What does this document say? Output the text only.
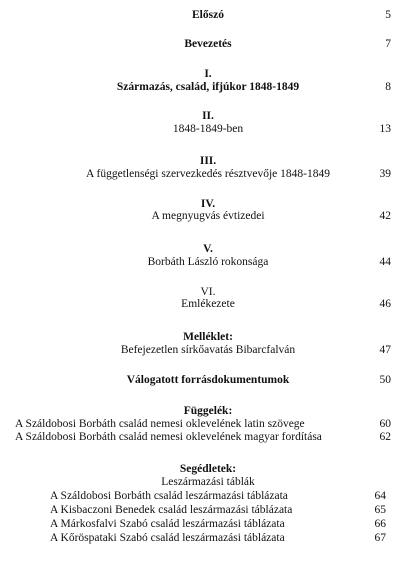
Előszó	5
Bevezetés	7
I.
Származás, család, ifjúkor 1848-1849	8
II.
1848-1849-ben	13
III.
A függetlenségi szervezkedés résztvevője 1848-1849	39
IV.
A megnyugvás évtizedei	42
V.
Borbáth László rokonsága	44
VI.
Emlékezete	46
Melléklet:
Befejezetlen sírkőavatás Bibarcfalván	47
Válogatott forrásdokumentumok	50
Függelék:
A Száldobosi Borbáth család nemesi oklevelének latin szövege	60
A Száldobosi Borbáth család nemesi oklevelének magyar fordítása	62
Segédletek:
Leszármazási táblák
A Száldobosi Borbáth család leszármazási táblázata	64
A Kisbaczoni Benedek család leszármazási táblázata	65
A Márkosfalvi Szabó család leszármazási táblázata	66
A Kőröspataki Szabó család leszármazási táblázata	67
